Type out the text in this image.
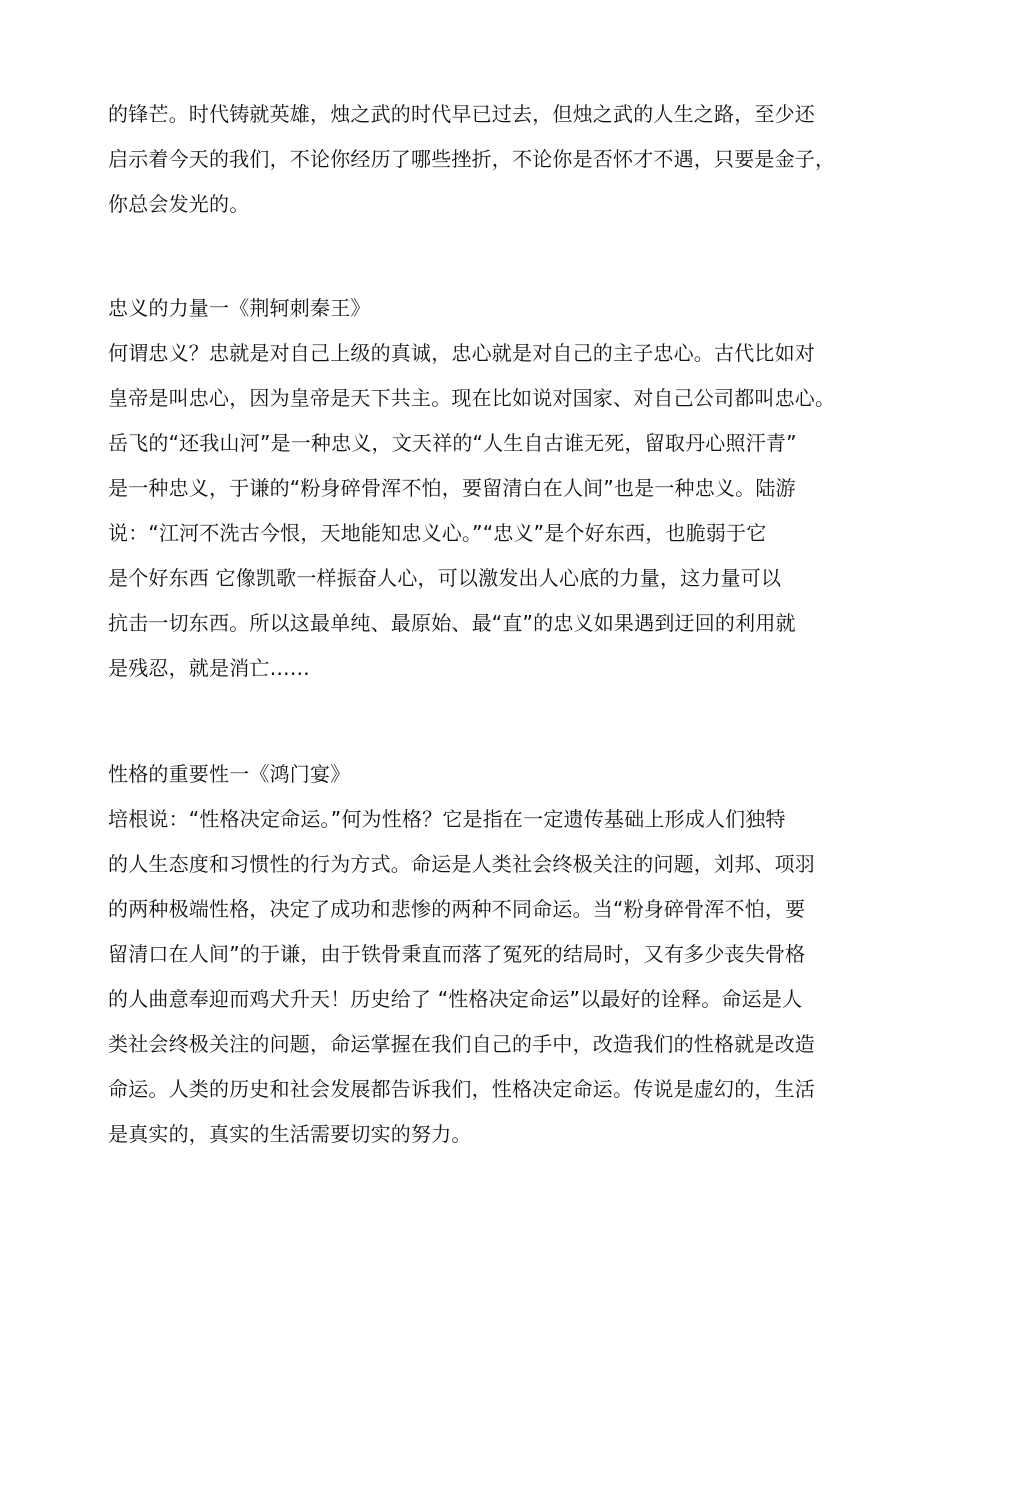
的锋芒。时代铸就英雄，烛之武的时代早已过去，但烛之武的人生之路，至少还
启示着今天的我们，不论你经历了哪些挫折，不论你是否怀才不遇，只要是金子，
你总会发光的。
忠义的力量一《荆轲刺秦王》
何谓忠义？忠就是对自己上级的真诚，忠心就是对自己的主子忠心。古代比如对
皇帝是叫忠心，因为皇帝是天下共主。现在比如说对国家、对自己公司都叫忠心。
岳飞的“还我山河”是一种忠义，文天祥的“人生自古谁无死，留取丹心照汗青”
是一种忠义，于谦的“粉身碎骨浑不怕，要留清白在人间”也是一种忠义。陆游
说：“江河不洗古今恨，天地能知忠义心。”“忠义”是个好东西，也脆弱于它
是个好东西 它像凯歌一样振奋人心，可以激发出人心底的力量，这力量可以
抗击一切东西。所以这最单纯、最原始、最“直”的忠义如果遇到迂回的利用就
是残忍，就是消亡……
性格的重要性一《鸿门宴》
培根说：“性格决定命运。”何为性格？它是指在一定遗传基础上形成人们独特
的人生态度和习惯性的行为方式。命运是人类社会终极关注的问题，刘邦、项羽
的两种极端性格，决定了成功和悲惨的两种不同命运。当“粉身碎骨浑不怕，要
留清口在人间”的于谦，由于铁骨秉直而落了冤死的结局时，又有多少丧失骨格
的人曲意奉迎而鸡犬升天！历史给了 “性格决定命运”以最好的诠释。命运是人
类社会终极关注的问题，命运掌握在我们自己的手中，改造我们的性格就是改造
命运。人类的历史和社会发展都告诉我们，性格决定命运。传说是虚幻的，生活
是真实的，真实的生活需要切实的努力。
